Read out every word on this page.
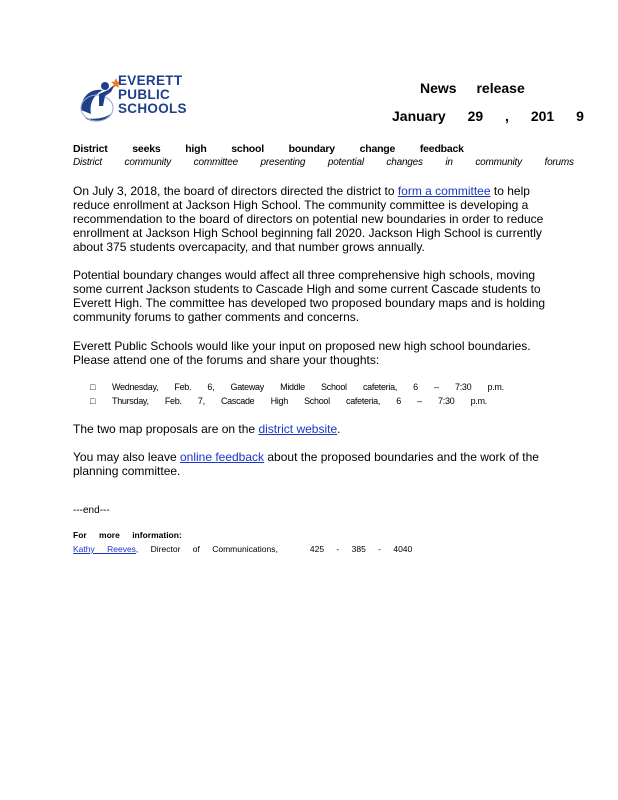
EVERETT
PUBLIC
SCHOOLS
News release
January 29 , 201 9
District seeks high school boundary change feedback
District community committee presenting potential changes in community forums
On July 3, 2018, the board of directors directed the district to form a committee to help reduce enrollment at Jackson High School. The community committee is developing a recommendation to the board of directors on potential new boundaries in order to reduce enrollment at Jackson High School beginning fall 2020. Jackson High School is currently about 375 students overcapacity, and that number grows annually.
Potential boundary changes would affect all three comprehensive high schools, moving some current Jackson students to Cascade High and some current Cascade students to Everett High. The committee has developed two proposed boundary maps and is holding community forums to gather comments and concerns.
Everett Public Schools would like your input on proposed new high school boundaries. Please attend one of the forums and share your thoughts:
□	Wednesday, Feb. 6, Gateway Middle School cafeteria, 6 – 7:30 p.m.
□	Thursday, Feb. 7, Cascade High School cafeteria, 6 – 7:30 p.m.
The two map proposals are on the district website.
You may also leave online feedback about the proposed boundaries and the work of the planning committee.
---end---
For more information:
Kathy Reeves, Director of Communications,	425 - 385 - 4040
